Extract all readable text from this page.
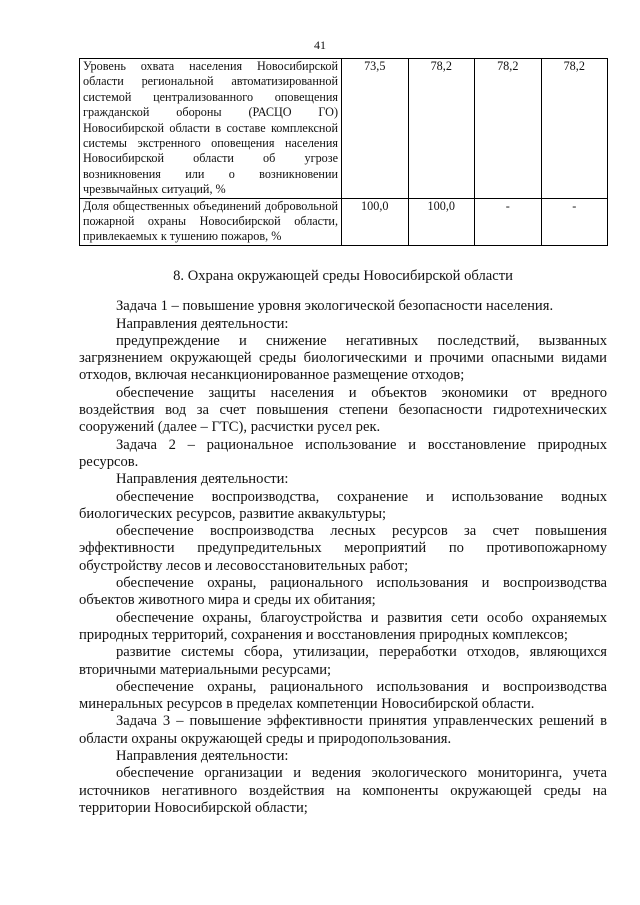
41
Уровень охвата населения Новосибирской области региональной автоматизированной системой централизованного оповещения гражданской обороны (РАСЦО ГО) Новосибирской области в составе комплексной системы экстренного оповещения населения Новосибирской области об угрозе возникновения или о возникновении чрезвычайных ситуаций, %	73,5	78,2	78,2	78,2
Доля общественных объединений добровольной пожарной охраны Новосибирской области, привлекаемых к тушению пожаров, %	100,0	100,0	-	-
8. Охрана окружающей среды Новосибирской области

Задача 1 – повышение уровня экологической безопасности населения.

Направления деятельности:

предупреждение и снижение негативных последствий, вызванных загрязнением окружающей среды биологическими и прочими опасными видами отходов, включая несанкционированное размещение отходов;

обеспечение защиты населения и объектов экономики от вредного воздействия вод за счет повышения степени безопасности гидротехнических сооружений (далее – ГТС), расчистки русел рек.

Задача 2 – рациональное использование и восстановление природных ресурсов.

Направления деятельности:

обеспечение воспроизводства, сохранение и использование водных биологических ресурсов, развитие аквакультуры;

обеспечение воспроизводства лесных ресурсов за счет повышения эффективности предупредительных мероприятий по противопожарному обустройству лесов и лесовосстановительных работ;

обеспечение охраны, рационального использования и воспроизводства объектов животного мира и среды их обитания;

обеспечение охраны, благоустройства и развития сети особо охраняемых природных территорий, сохранения и восстановления природных комплексов;

развитие системы сбора, утилизации, переработки отходов, являющихся вторичными материальными ресурсами;

обеспечение охраны, рационального использования и воспроизводства минеральных ресурсов в пределах компетенции Новосибирской области.

Задача 3 – повышение эффективности принятия управленческих решений в области охраны окружающей среды и природопользования.

Направления деятельности:

обеспечение организации и ведения экологического мониторинга, учета источников негативного воздействия на компоненты окружающей среды на территории Новосибирской области;
